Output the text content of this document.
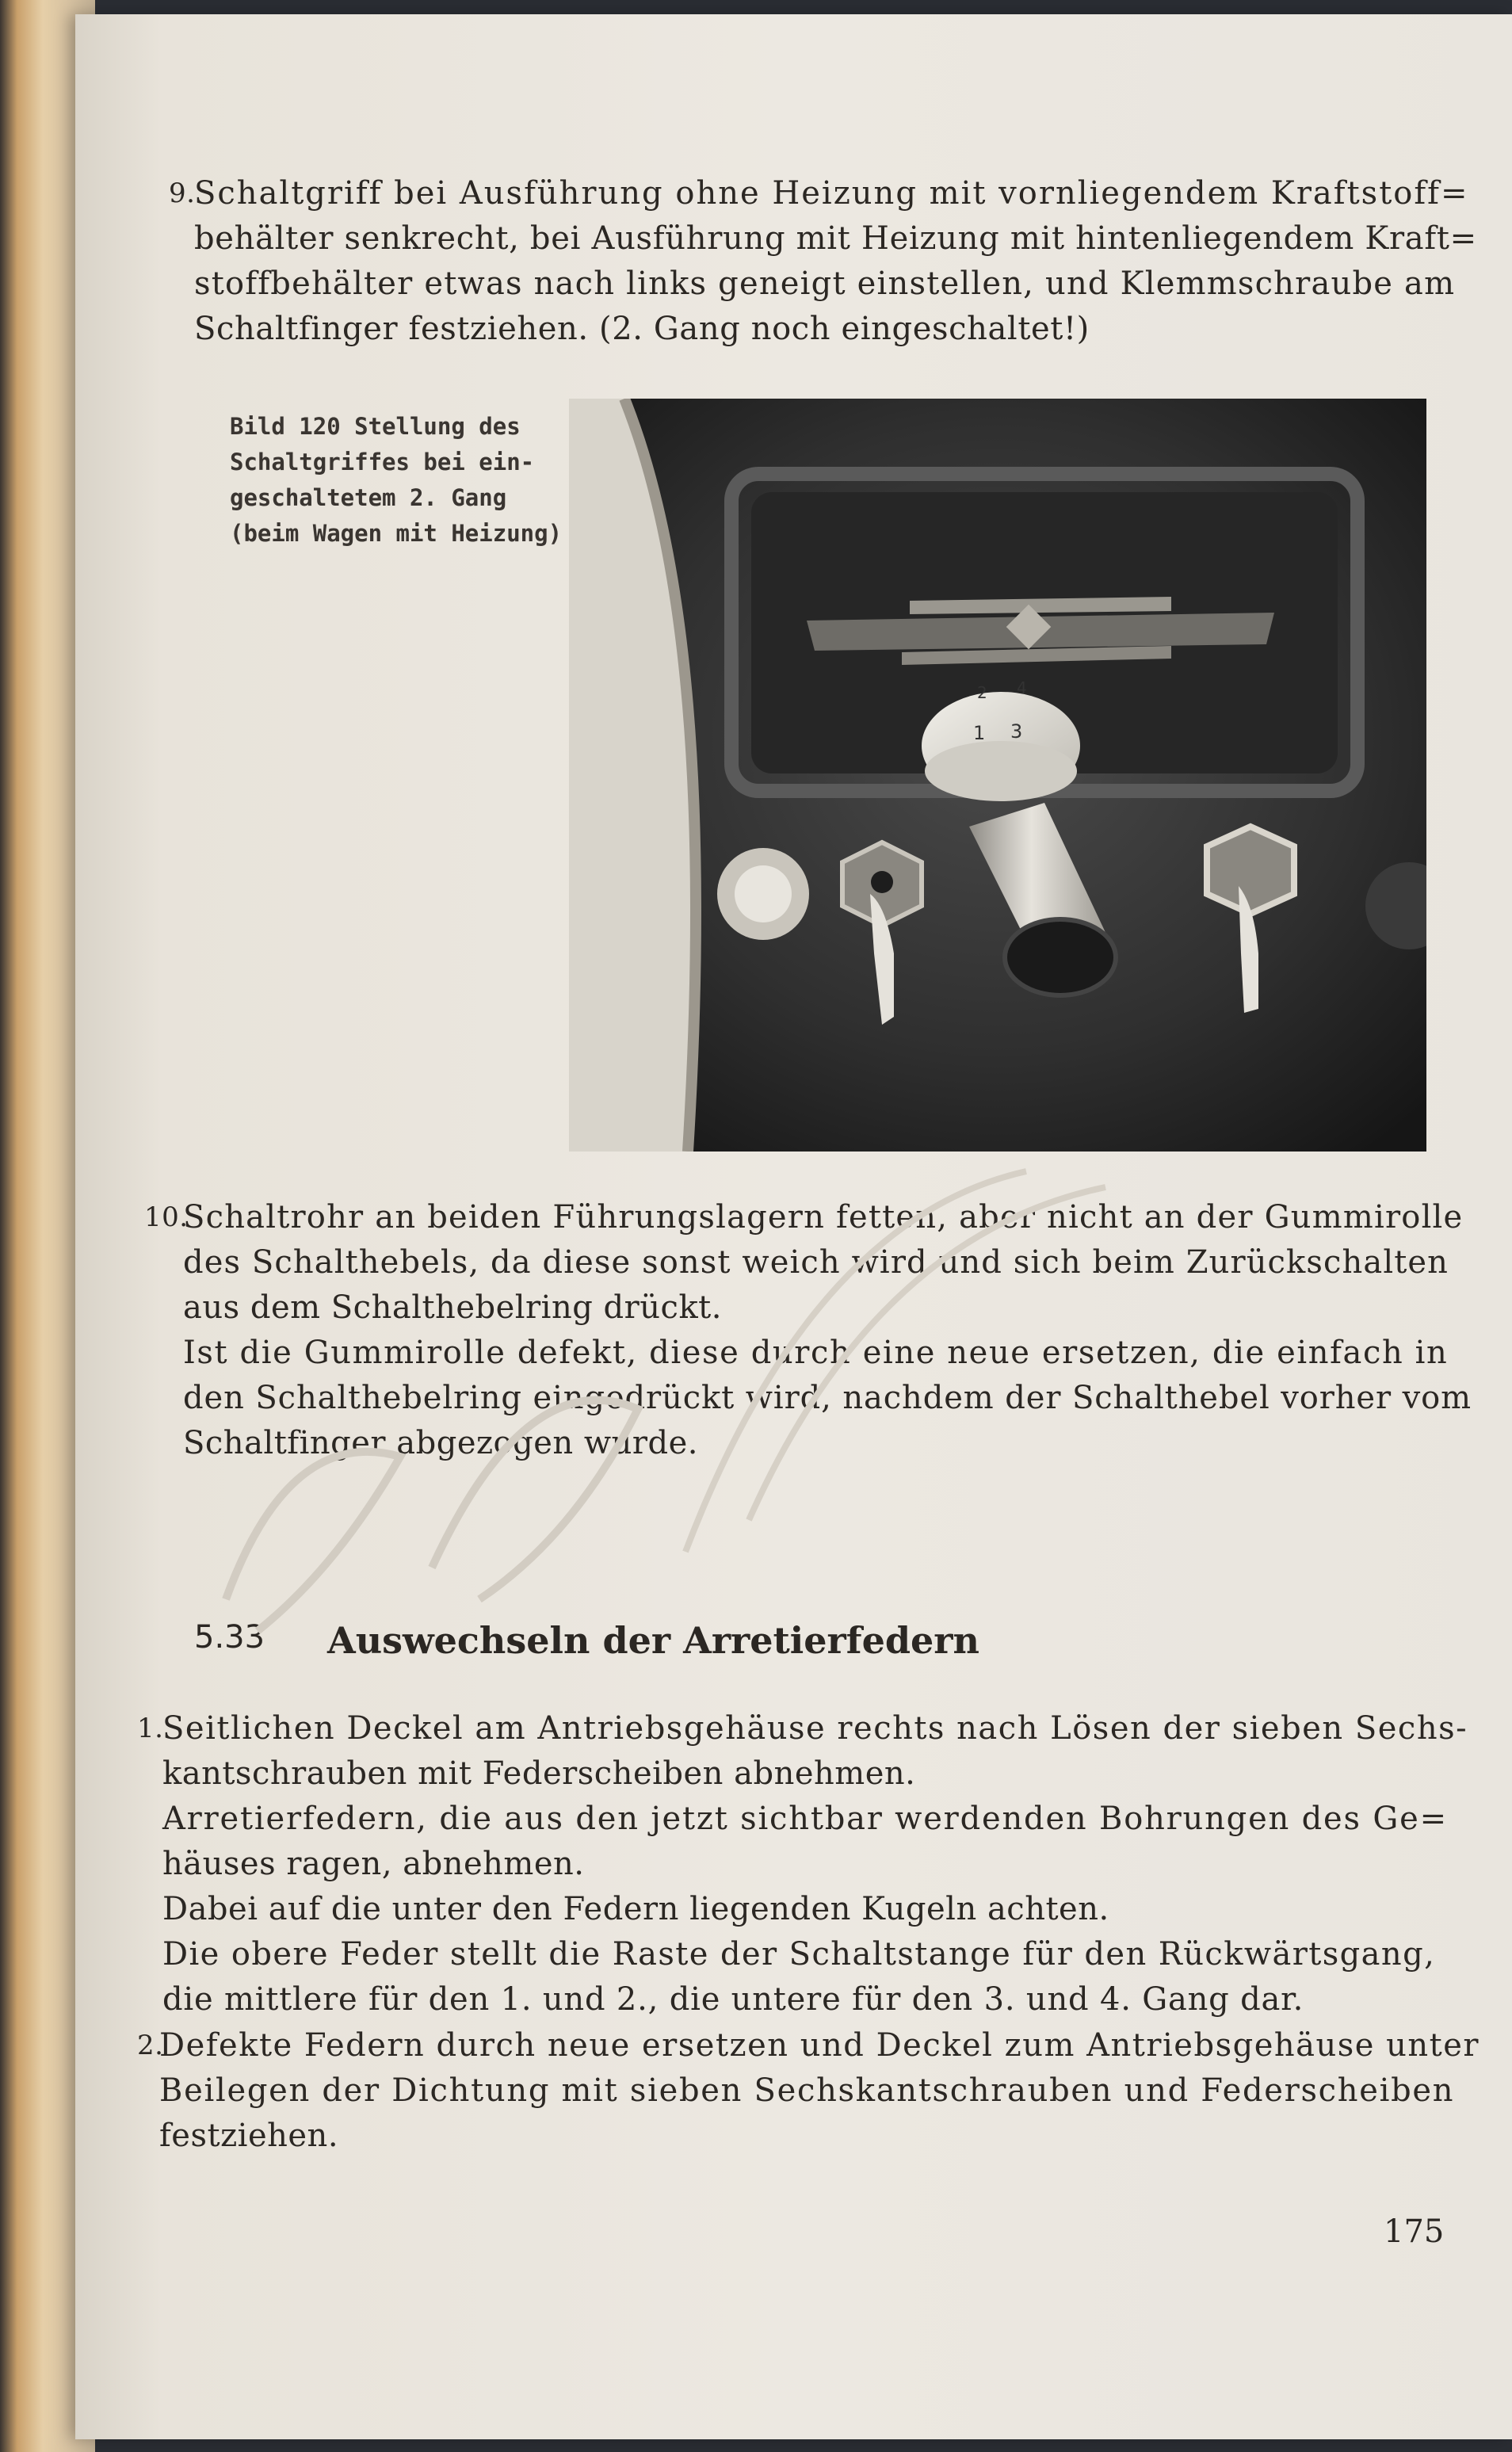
9.
Schaltgriff bei Ausführung ohne Heizung mit vornliegendem Kraftstoff=
behälter senkrecht, bei Ausführung mit Heizung mit hintenliegendem Kraft=
stoffbehälter etwas nach links geneigt einstellen, und Klemmschraube am
Schaltfinger festziehen. (2. Gang noch eingeschaltet!)
Bild 120 Stellung des
Schaltgriffes bei ein-
geschaltetem 2. Gang
(beim Wagen mit Heizung)
2 4
1 3
10.
Schaltrohr an beiden Führungslagern fetten, aber nicht an der Gummirolle
des Schalthebels, da diese sonst weich wird und sich beim Zurückschalten
aus dem Schalthebelring drückt.
Ist die Gummirolle defekt, diese durch eine neue ersetzen, die einfach in
den Schalthebelring eingedrückt wird, nachdem der Schalthebel vorher vom
Schaltfinger abgezogen wurde.
5.33 Auswechseln der Arretierfedern
1.
Seitlichen Deckel am Antriebsgehäuse rechts nach Lösen der sieben Sechs-
kantschrauben mit Federscheiben abnehmen.
Arretierfedern, die aus den jetzt sichtbar werdenden Bohrungen des Ge=
häuses ragen, abnehmen.
Dabei auf die unter den Federn liegenden Kugeln achten.
Die obere Feder stellt die Raste der Schaltstange für den Rückwärtsgang,
die mittlere für den 1. und 2., die untere für den 3. und 4. Gang dar.
2.
Defekte Federn durch neue ersetzen und Deckel zum Antriebsgehäuse unter
Beilegen der Dichtung mit sieben Sechskantschrauben und Federscheiben
festziehen.
175
